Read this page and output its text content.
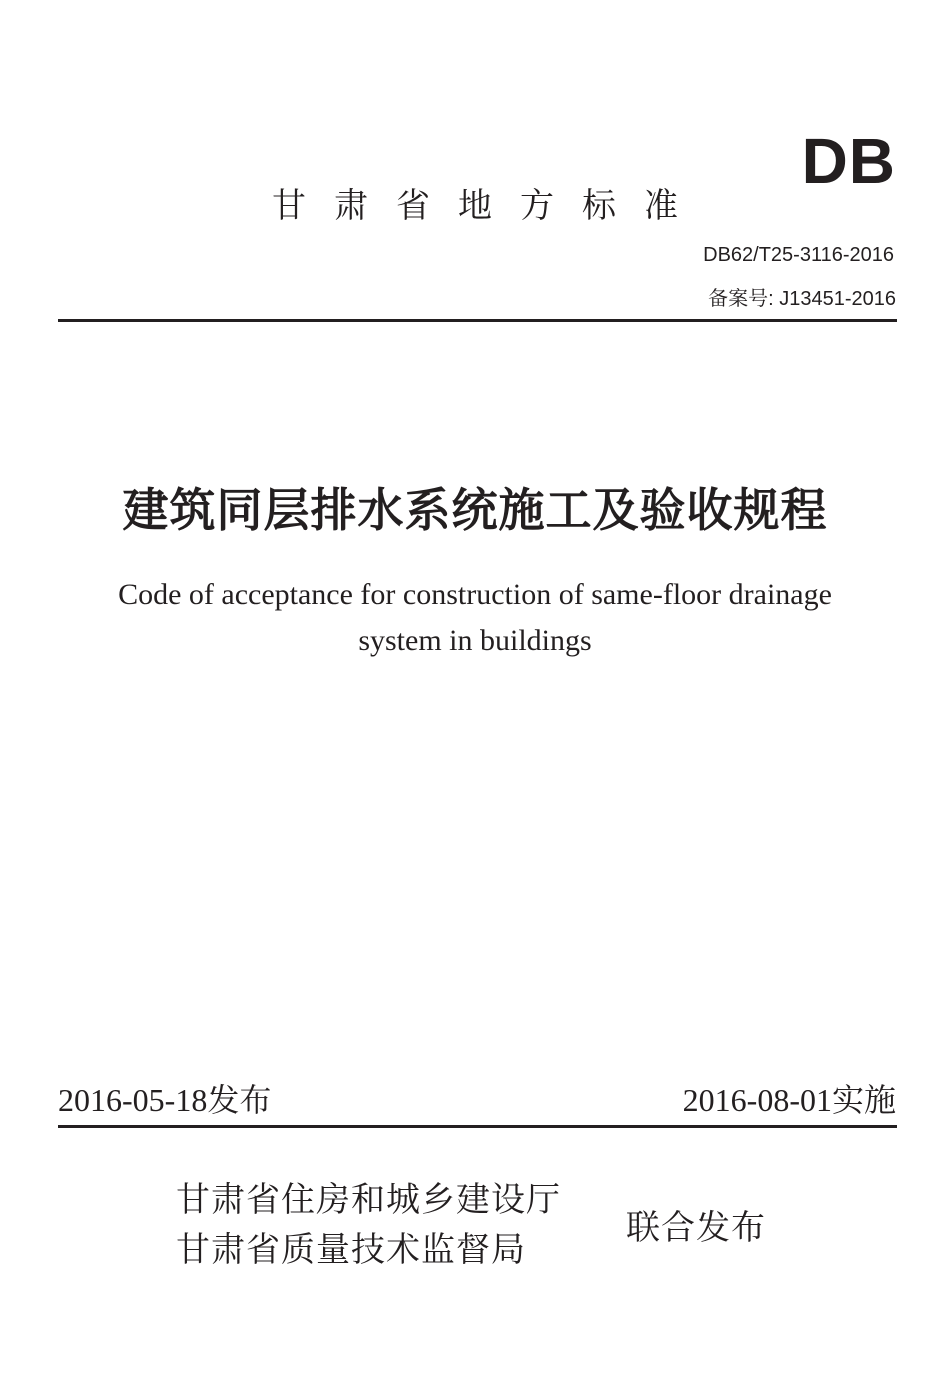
甘肃省地方标准
DB
DB62/T25-3116-2016
备案号: J13451-2016
建筑同层排水系统施工及验收规程
Code of acceptance for construction of same-floor drainage
system in buildings
2016-05-18发布	2016-08-01实施
甘肃省住房和城乡建设厅
甘肃省质量技术监督局
联合发布
